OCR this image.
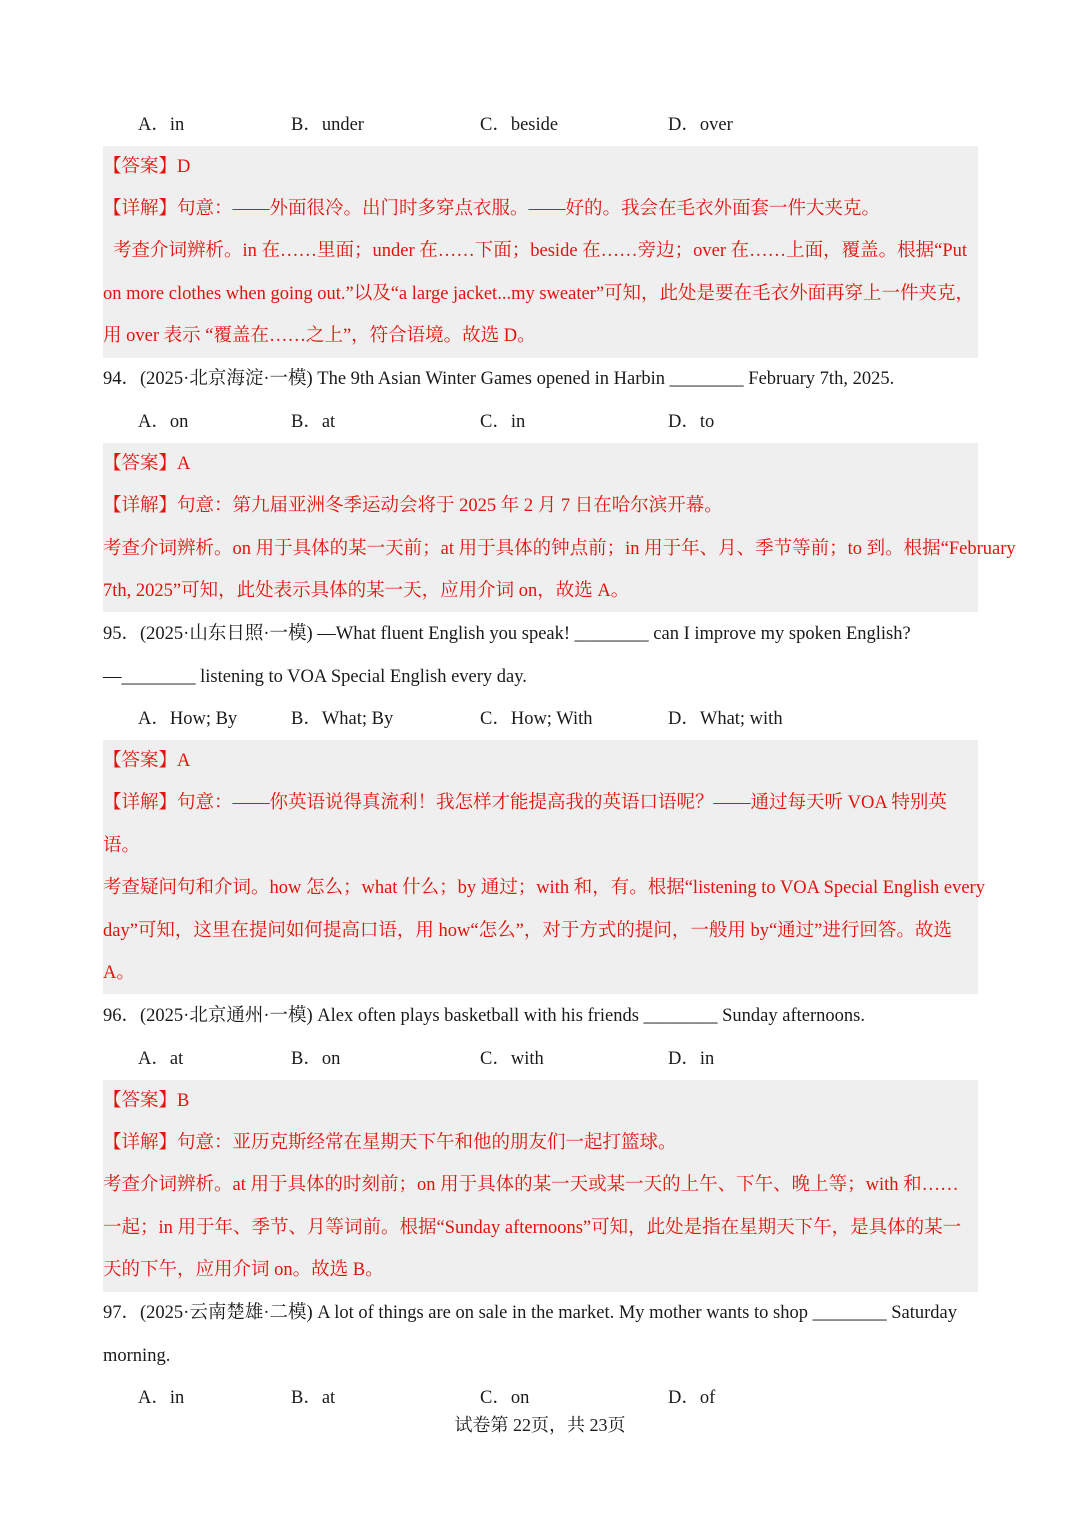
A．in	B．under	C．beside	D．over
【答案】D
【详解】句意：——外面很冷。出门时多穿点衣服。——好的。我会在毛衣外面套一件大夹克。
考查介词辨析。in 在……里面；under 在……下面；beside 在……旁边；over 在……上面，覆盖。根据“Put
on more clothes when going out.”以及“a large jacket...my sweater”可知，此处是要在毛衣外面再穿上一件夹克，
用 over 表示 “覆盖在……之上”，符合语境。故选 D。
94．(2025·北京海淀·一模) The 9th Asian Winter Games opened in Harbin ________ February 7th, 2025.
A．on	B．at	C．in	D．to
【答案】A
【详解】句意：第九届亚洲冬季运动会将于 2025 年 2 月 7 日在哈尔滨开幕。
考查介词辨析。on 用于具体的某一天前；at 用于具体的钟点前；in 用于年、月、季节等前；to 到。根据“February
7th, 2025”可知，此处表示具体的某一天，应用介词 on，故选 A。
95．(2025·山东日照·一模) —What fluent English you speak! ________ can I improve my spoken English?
—________ listening to VOA Special English every day.
A．How; By	B．What; By	C．How; With	D．What; with
【答案】A
【详解】句意：——你英语说得真流利！我怎样才能提高我的英语口语呢？——通过每天听 VOA 特别英
语。
考查疑问句和介词。how 怎么；what 什么；by 通过；with 和，有。根据“listening to VOA Special English every
day”可知，这里在提问如何提高口语，用 how“怎么”，对于方式的提问，一般用 by“通过”进行回答。故选
A。
96．(2025·北京通州·一模) Alex often plays basketball with his friends ________ Sunday afternoons.
A．at	B．on	C．with	D．in
【答案】B
【详解】句意：亚历克斯经常在星期天下午和他的朋友们一起打篮球。
考查介词辨析。at 用于具体的时刻前；on 用于具体的某一天或某一天的上午、下午、晚上等；with 和……
一起；in 用于年、季节、月等词前。根据“Sunday afternoons”可知，此处是指在星期天下午，是具体的某一
天的下午，应用介词 on。故选 B。
97．(2025·云南楚雄·二模) A lot of things are on sale in the market. My mother wants to shop ________ Saturday
morning.
A．in	B．at	C．on	D．of
试卷第 22页，共 23页
